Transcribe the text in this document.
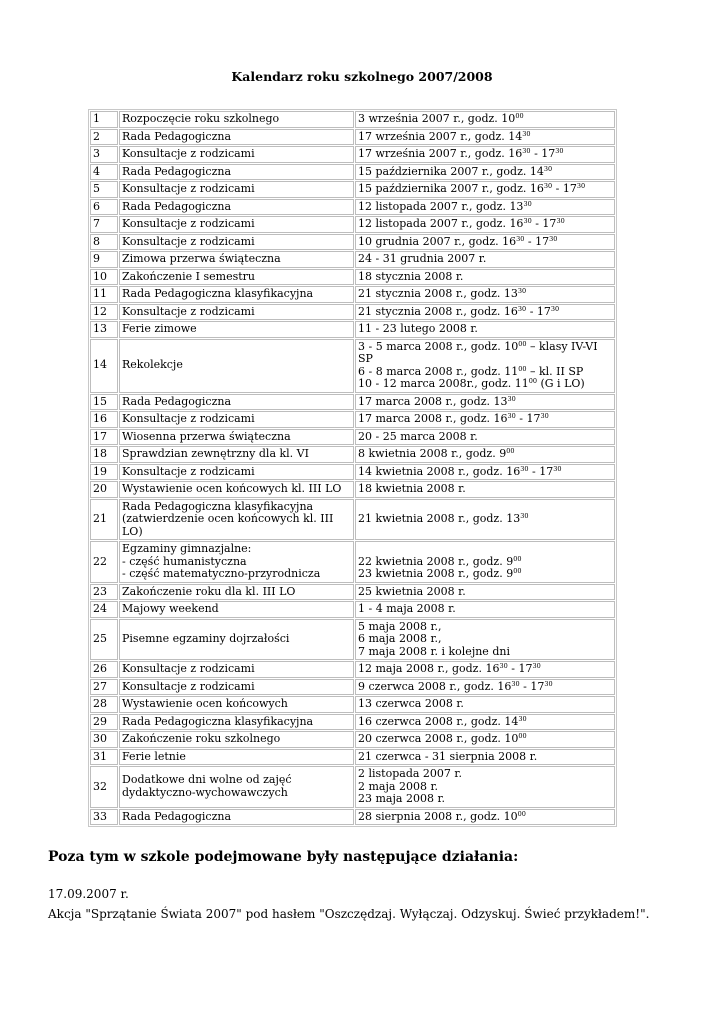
Kalendarz roku szkolnego 2007/2008
1	Rozpoczęcie roku szkolnego	3 września 2007 r., godz. $10^{00}$

2	Rada Pedagogiczna	17 września 2007 r., godz. $14^{30}$

3	Konsultacje z rodzicami	17 września 2007 r., godz. $16^{30} - 17^{30}$

4	Rada Pedagogiczna	15 października 2007 r., godz. $14^{30}$

5	Konsultacje z rodzicami	15 października 2007 r., godz. $16^{30} - 17^{30}$

6	Rada Pedagogiczna	12 listopada 2007 r., godz. $13^{30}$

7	Konsultacje z rodzicami	12 listopada 2007 r., godz. $16^{30} - 17^{30}$

8	Konsultacje z rodzicami	10 grudnia 2007 r., godz. $16^{30} - 17^{30}$

9	Zimowa przerwa świąteczna	24 - 31 grudnia 2007 r.

10	Zakończenie I semestru	18 stycznia 2008 r.

11	Rada Pedagogiczna klasyfikacyjna	21 stycznia 2008 r., godz. $13^{30}$

12	Konsultacje z rodzicami	21 stycznia 2008 r., godz. $16^{30} - 17^{30}$

13	Ferie zimowe	11 - 23 lutego 2008 r.

14	Rekolekcje	3 - 5 marca 2008 r., godz. $10^{00}$ – klasy IV-VI SP
6 - 8 marca 2008 r., godz. $11^{00}$ – kl. II SP
10 - 12 marca 2008r., godz. $11^{00}$ (G i LO)

15	Rada Pedagogiczna	17 marca 2008 r., godz. $13^{30}$

16	Konsultacje z rodzicami	17 marca 2008 r., godz. $16^{30} - 17^{30}$

17	Wiosenna przerwa świąteczna	20 - 25 marca 2008 r.

18	Sprawdzian zewnętrzny dla kl. VI	8 kwietnia 2008 r., godz. $9^{00}$

19	Konsultacje z rodzicami	14 kwietnia 2008 r., godz. $16^{30} - 17^{30}$

20	Wystawienie ocen końcowych kl. III LO	18 kwietnia 2008 r.

21	Rada Pedagogiczna klasyfikacyjna
(zatwierdzenie ocen końcowych kl. III LO)	21 kwietnia 2008 r., godz. $13^{30}$

22	Egzaminy gimnazjalne:
- część humanistyczna
- część matematyczno-przyrodnicza	22 kwietnia 2008 r., godz. $9^{00}$
23 kwietnia 2008 r., godz. $9^{00}$

23	Zakończenie roku dla kl. III LO	25 kwietnia 2008 r.

24	Majowy weekend	1 - 4 maja 2008 r.

25	Pisemne egzaminy dojrzałości	5 maja 2008 r.,
6 maja 2008 r.,
7 maja 2008 r. i kolejne dni

26	Konsultacje z rodzicami	12 maja 2008 r., godz. $16^{30} - 17^{30}$

27	Konsultacje z rodzicami	9 czerwca 2008 r., godz. $16^{30} - 17^{30}$

28	Wystawienie ocen końcowych	13 czerwca 2008 r.

29	Rada Pedagogiczna klasyfikacyjna	16 czerwca 2008 r., godz. $14^{30}$

30	Zakończenie roku szkolnego	20 czerwca 2008 r., godz. $10^{00}$

31	Ferie letnie	21 czerwca - 31 sierpnia 2008 r.

32	Dodatkowe dni wolne od zajęć
dydaktyczno-wychowawczych	2 listopada 2007 r.
2 maja 2008 r.
23 maja 2008 r.

33	Rada Pedagogiczna	28 sierpnia 2008 r., godz. $10^{00}$
Poza tym w szkole podejmowane były następujące działania:
17.09.2007 r.
Akcja "Sprzątanie Świata 2007" pod hasłem "Oszczędzaj. Wyłączaj. Odzyskuj. Świeć przykładem!".
